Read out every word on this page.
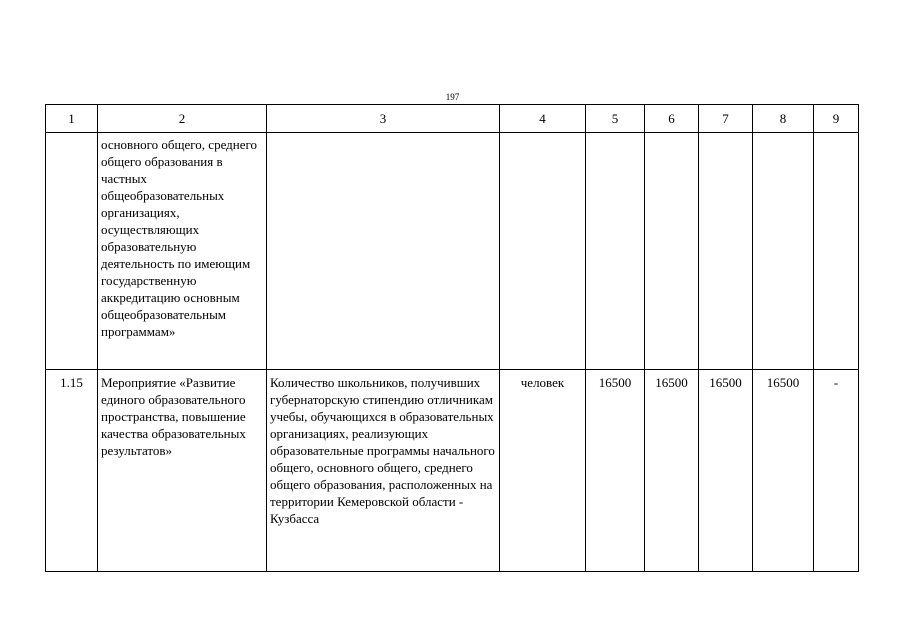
197
1	2	3	4	5	6	7	8	9
	основного общего, среднего общего образования в частных общеобразовательных организациях, осуществляющих образовательную деятельность по имеющим государственную аккредитацию основным общеобразовательным программам»							
1.15	Мероприятие «Развитие единого образовательного пространства, повышение качества образовательных результатов»	Количество школьников, получивших губернаторскую стипендию отличникам учебы, обучающихся в образовательных организациях, реализующих образовательные программы начального общего, основного общего, среднего общего образования, расположенных на территории Кемеровской области - Кузбасса	человек	16500	16500	16500	16500	-
